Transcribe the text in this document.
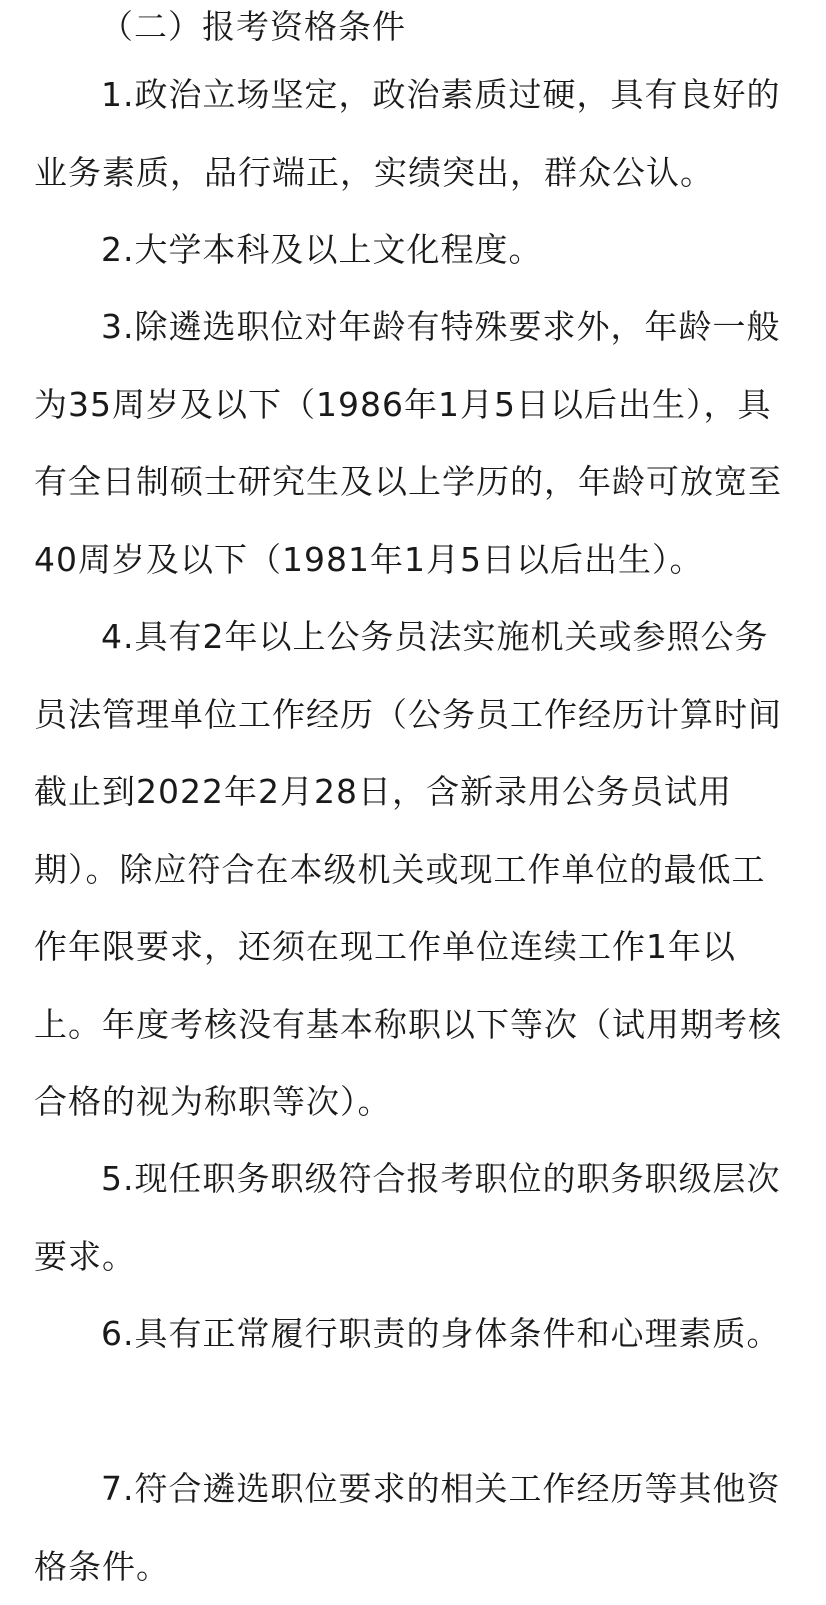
（二）报考资格条件

1.政治立场坚定，政治素质过硬，具有良好的业务素质，品行端正，实绩突出，群众公认。

2.大学本科及以上文化程度。

3.除遴选职位对年龄有特殊要求外，年龄一般为35周岁及以下（1986年1月5日以后出生），具有全日制硕士研究生及以上学历的，年龄可放宽至40周岁及以下（1981年1月5日以后出生）。

4.具有2年以上公务员法实施机关或参照公务员法管理单位工作经历（公务员工作经历计算时间截止到2022年2月28日，含新录用公务员试用期）。除应符合在本级机关或现工作单位的最低工作年限要求，还须在现工作单位连续工作1年以上。年度考核没有基本称职以下等次（试用期考核合格的视为称职等次）。

5.现任职务职级符合报考职位的职务职级层次要求。

6.具有正常履行职责的身体条件和心理素质。

7.符合遴选职位要求的相关工作经历等其他资格条件。
